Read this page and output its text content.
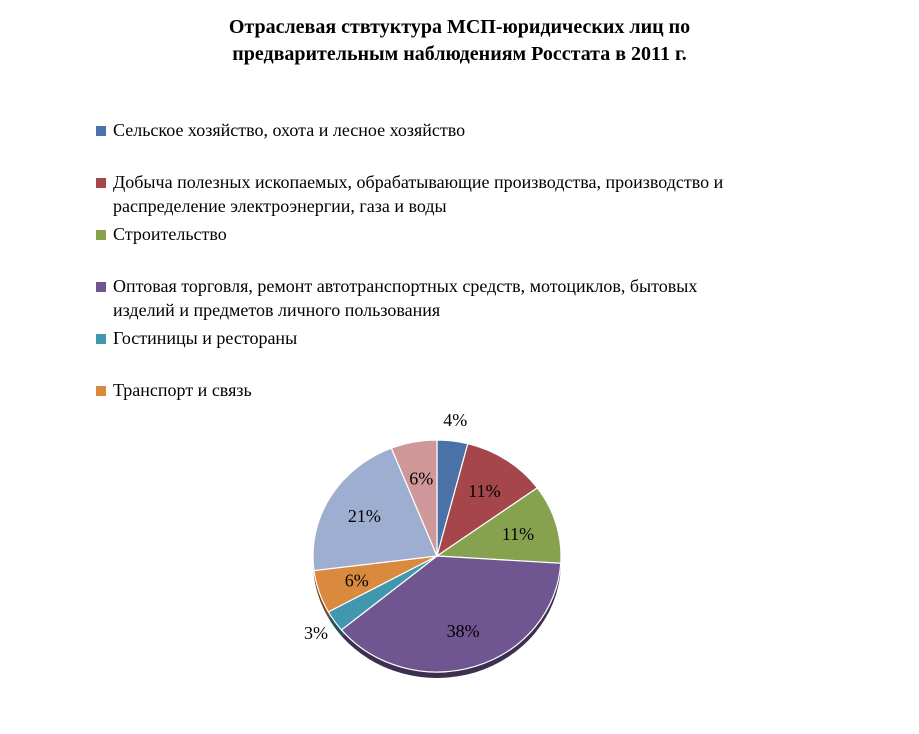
Отраслевая ствтуктура МСП-юридических лиц по
предварительным наблюдениям Росстата в 2011 г.
Сельское хозяйство, охота и лесное хозяйство
Добыча полезных ископаемых, обрабатывающие производства, производство и
распределение электроэнергии, газа и воды
Строительство
Оптовая торговля, ремонт автотранспортных средств, мотоциклов, бытовых
изделий и предметов личного пользования
Гостиницы и рестораны
Транспорт и связь
4%
11%
11%
38%
3%
6%
21%
6%
